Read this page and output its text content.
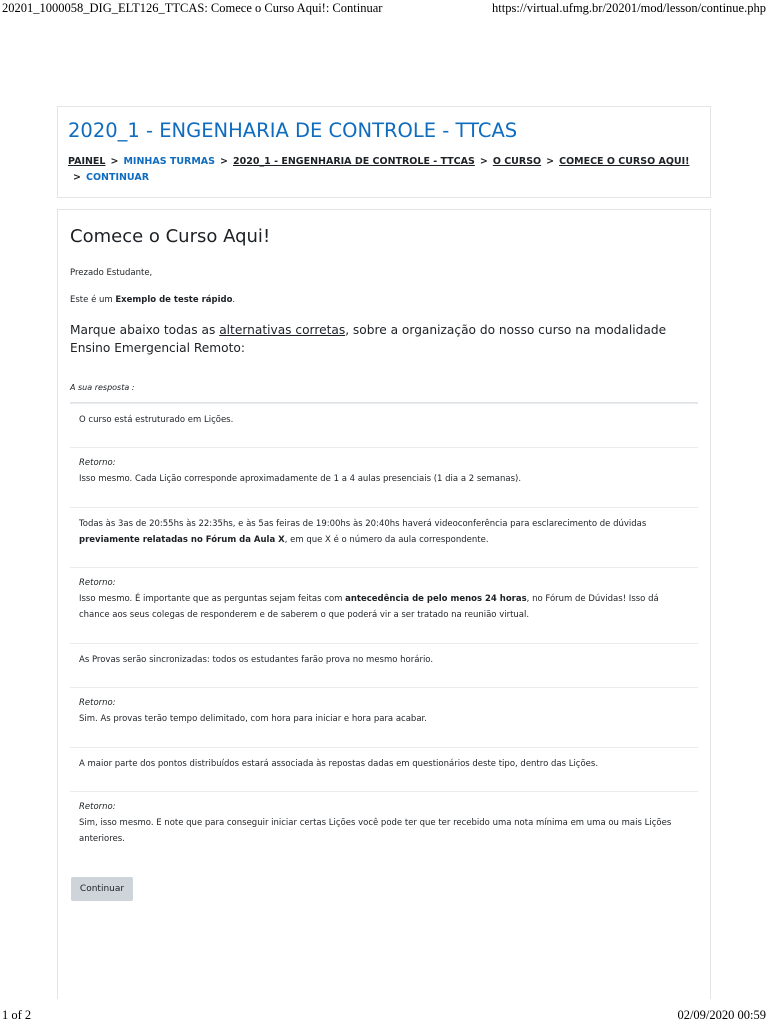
20201_1000058_DIG_ELT126_TTCAS: Comece o Curso Aqui!: Continuar	https://virtual.ufmg.br/20201/mod/lesson/continue.php
2020_1 - ENGENHARIA DE CONTROLE - TTCAS
PAINEL > MINHAS TURMAS > 2020_1 - ENGENHARIA DE CONTROLE - TTCAS > O CURSO > COMECE O CURSO AQUI!
> CONTINUAR
Comece o Curso Aqui!
Prezado Estudante,
Este é um Exemplo de teste rápido.
Marque abaixo todas as alternativas corretas, sobre a organização do nosso curso na modalidade Ensino Emergencial Remoto:
A sua resposta :
O curso está estruturado em Lições.
Retorno:
Isso mesmo. Cada Lição corresponde aproximadamente de 1 a 4 aulas presenciais (1 dia a 2 semanas).
Todas às 3as de 20:55hs às 22:35hs, e às 5as feiras de 19:00hs às 20:40hs haverá videoconferência para esclarecimento de dúvidas previamente relatadas no Fórum da Aula X, em que X é o número da aula correspondente.
Retorno:
Isso mesmo. É importante que as perguntas sejam feitas com antecedência de pelo menos 24 horas, no Fórum de Dúvidas! Isso dá chance aos seus colegas de responderem e de saberem o que poderá vir a ser tratado na reunião virtual.
As Provas serão sincronizadas: todos os estudantes farão prova no mesmo horário.
Retorno:
Sim. As provas terão tempo delimitado, com hora para iniciar e hora para acabar.
A maior parte dos pontos distribuídos estará associada às repostas dadas em questionários deste tipo, dentro das Lições.
Retorno:
Sim, isso mesmo. E note que para conseguir iniciar certas Lições você pode ter que ter recebido uma nota mínima em uma ou mais Lições anteriores.
Continuar
1 of 2	02/09/2020 00:59
